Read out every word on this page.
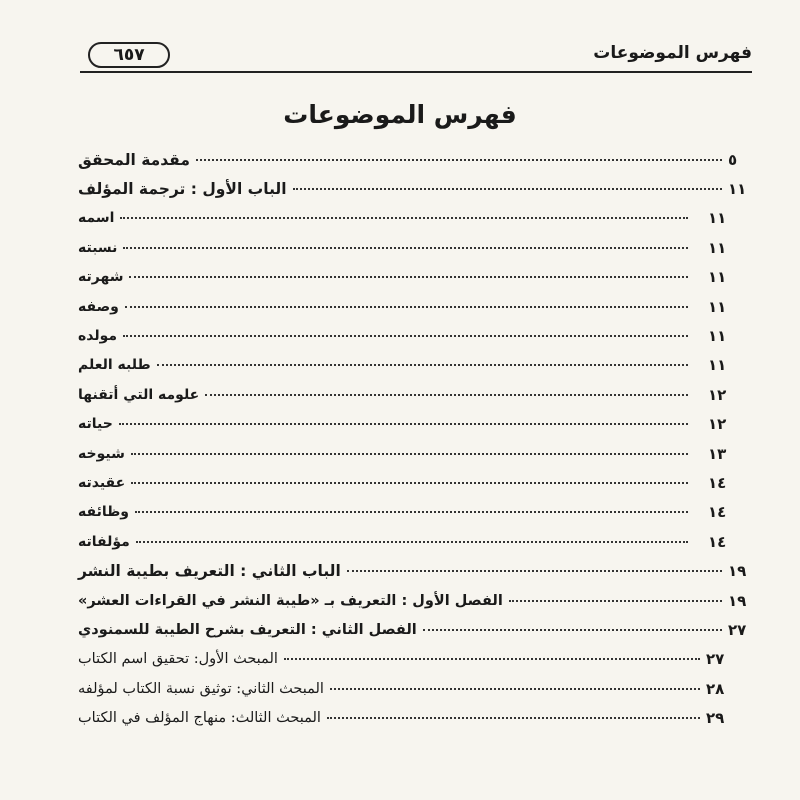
٦٥٧	فهرس الموضوعات
فهرس الموضوعات
مقدمة المحقق	٥
الباب الأول : ترجمة المؤلف	١١
اسمه	١١
نسبته	١١
شهرته	١١
وصفه	١١
مولده	١١
طلبه العلم	١١
علومه التي أتقنها	١٢
حياته	١٢
شيوخه	١٣
عقيدته	١٤
وظائفه	١٤
مؤلفاته	١٤
الباب الثاني : التعريف بطيبة النشر	١٩
الفصل الأول : التعريف بـ «طيبة النشر في القراءات العشر»	١٩
الفصل الثاني : التعريف بشرح الطيبة للسمنودي	٢٧
المبحث الأول: تحقيق اسم الكتاب	٢٧
المبحث الثاني: توثيق نسبة الكتاب لمؤلفه	٢٨
المبحث الثالث: منهاج المؤلف في الكتاب	٢٩
